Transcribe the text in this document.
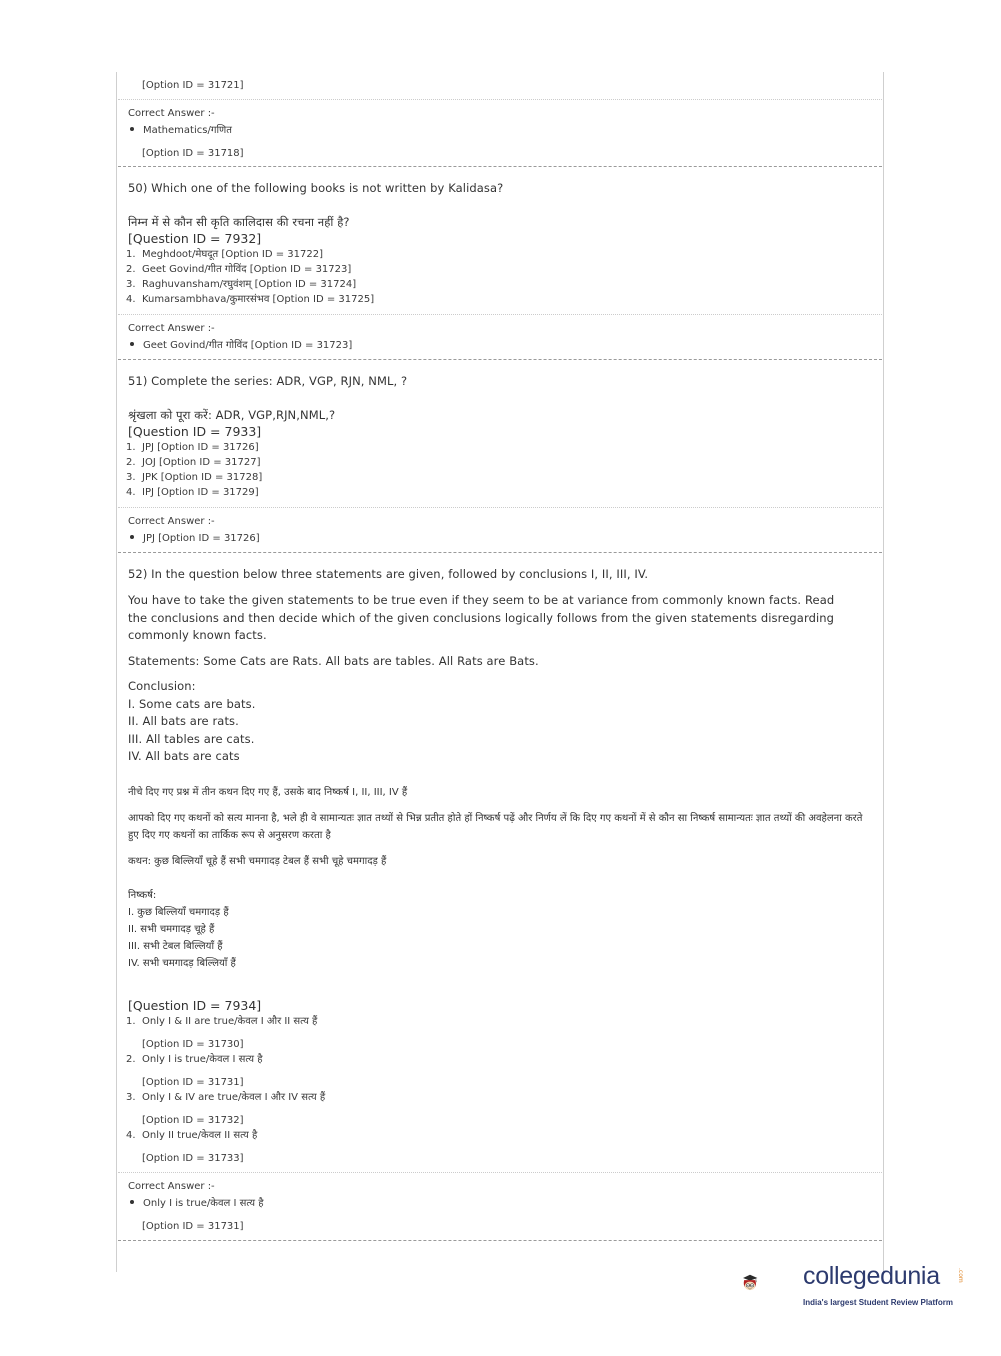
[Option ID = 31721]
Correct Answer :-
Mathematics/गणित
[Option ID = 31718]
50) Which one of the following books is not written by Kalidasa?
निम्न में से कौन सी कृति कालिदास की रचना नहीं है?
[Question ID = 7932]
1. Meghdoot/मेघदूत [Option ID = 31722]
2. Geet Govind/गीत गोविंद [Option ID = 31723]
3. Raghuvansham/रघुवंशम् [Option ID = 31724]
4. Kumarsambhava/कुमारसंभव [Option ID = 31725]
Correct Answer :-
Geet Govind/गीत गोविंद [Option ID = 31723]
51) Complete the series: ADR, VGP, RJN, NML, ?
श्रृंखला को पूरा करें: ADR, VGP,RJN,NML,?
[Question ID = 7933]
1. JPJ [Option ID = 31726]
2. JOJ [Option ID = 31727]
3. JPK [Option ID = 31728]
4. IPJ [Option ID = 31729]
Correct Answer :-
JPJ [Option ID = 31726]
52) In the question below three statements are given, followed by conclusions I, II, III, IV.
You have to take the given statements to be true even if they seem to be at variance from commonly known facts. Read the conclusions and then decide which of the given conclusions logically follows from the given statements disregarding commonly known facts.
Statements: Some Cats are Rats. All bats are tables. All Rats are Bats.
Conclusion:
I. Some cats are bats.
II. All bats are rats.
III. All tables are cats.
IV. All bats are cats
नीचे दिए गए प्रश्न में तीन कथन दिए गए हैं, उसके बाद निष्कर्ष I, II, III, IV हैं
आपको दिए गए कथनों को सत्य मानना है, भले ही वे सामान्यतः ज्ञात तथ्यों से भिन्न प्रतीत होते हों निष्कर्ष पढ़ें और निर्णय लें कि दिए गए कथनों में से कौन सा निष्कर्ष सामान्यतः ज्ञात तथ्यों की अवहेलना करते हुए दिए गए कथनों का तार्किक रूप से अनुसरण करता है
कथन: कुछ बिल्लियाँ चूहे हैं सभी चमगादड़ टेबल हैं सभी चूहे चमगादड़ हैं
निष्कर्ष:
I. कुछ बिल्लियाँ चमगादड़ हैं
II. सभी चमगादड़ चूहे हैं
III. सभी टेबल बिल्लियाँ हैं
IV. सभी चमगादड़ बिल्लियाँ हैं
[Question ID = 7934]
1. Only I & II are true/केवल I और II सत्य हैं
[Option ID = 31730]
2. Only I is true/केवल I सत्य है
[Option ID = 31731]
3. Only I & IV are true/केवल I और IV सत्य हैं
[Option ID = 31732]
4. Only II true/केवल II सत्य है
[Option ID = 31733]
Correct Answer :-
Only I is true/केवल I सत्य है
[Option ID = 31731]
collegedunia	.com
India's largest Student Review Platform
